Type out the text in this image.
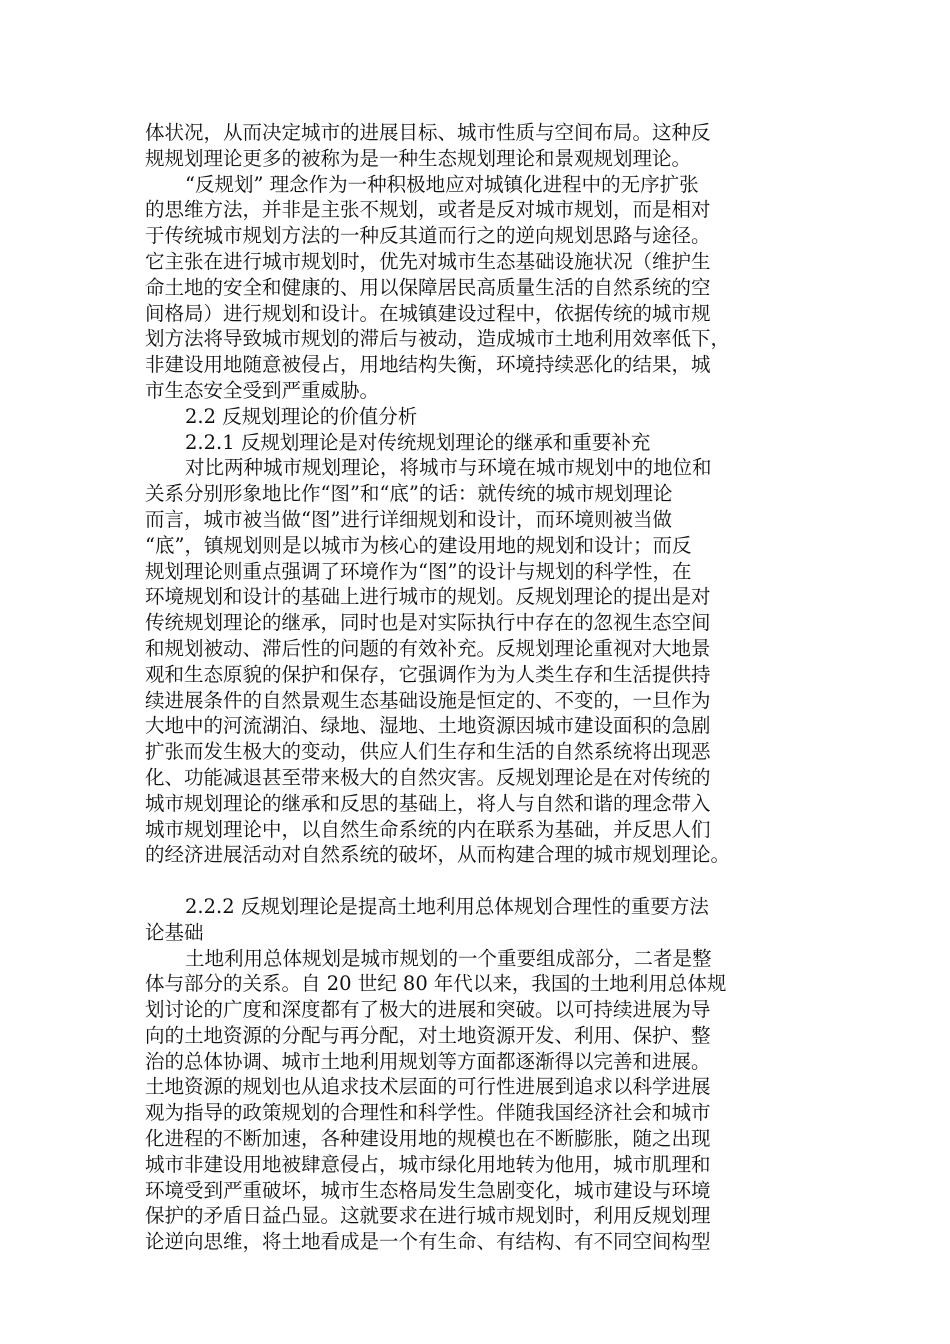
体状况，从而决定城市的进展目标、城市性质与空间布局。这种反
规规划理论更多的被称为是一种生态规划理论和景观规划理论。
“反规划” 理念作为一种积极地应对城镇化进程中的无序扩张
的思维方法，并非是主张不规划，或者是反对城市规划，而是相对
于传统城市规划方法的一种反其道而行之的逆向规划思路与途径。
它主张在进行城市规划时，优先对城市生态基础设施状况（维护生
命土地的安全和健康的、用以保障居民高质量生活的自然系统的空
间格局）进行规划和设计。在城镇建设过程中，依据传统的城市规
划方法将导致城市规划的滞后与被动，造成城市土地利用效率低下，
非建设用地随意被侵占，用地结构失衡，环境持续恶化的结果，城
市生态安全受到严重威胁。
2.2 反规划理论的价值分析
2.2.1 反规划理论是对传统规划理论的继承和重要补充
对比两种城市规划理论，将城市与环境在城市规划中的地位和
关系分别形象地比作“图”和“底”的话：就传统的城市规划理论
而言，城市被当做“图”进行详细规划和设计，而环境则被当做
“底”，镇规划则是以城市为核心的建设用地的规划和设计；而反
规划理论则重点强调了环境作为“图”的设计与规划的科学性，在
环境规划和设计的基础上进行城市的规划。反规划理论的提出是对
传统规划理论的继承，同时也是对实际执行中存在的忽视生态空间
和规划被动、滞后性的问题的有效补充。反规划理论重视对大地景
观和生态原貌的保护和保存，它强调作为为人类生存和生活提供持
续进展条件的自然景观生态基础设施是恒定的、不变的，一旦作为
大地中的河流湖泊、绿地、湿地、土地资源因城市建设面积的急剧
扩张而发生极大的变动，供应人们生存和生活的自然系统将出现恶
化、功能减退甚至带来极大的自然灾害。反规划理论是在对传统的
城市规划理论的继承和反思的基础上，将人与自然和谐的理念带入
城市规划理论中，以自然生命系统的内在联系为基础，并反思人们
的经济进展活动对自然系统的破坏，从而构建合理的城市规划理论。
2.2.2 反规划理论是提高土地利用总体规划合理性的重要方法
论基础
土地利用总体规划是城市规划的一个重要组成部分，二者是整
体与部分的关系。自 20 世纪 80 年代以来，我国的土地利用总体规
划讨论的广度和深度都有了极大的进展和突破。以可持续进展为导
向的土地资源的分配与再分配，对土地资源开发、利用、保护、整
治的总体协调、城市土地利用规划等方面都逐渐得以完善和进展。
土地资源的规划也从追求技术层面的可行性进展到追求以科学进展
观为指导的政策规划的合理性和科学性。伴随我国经济社会和城市
化进程的不断加速，各种建设用地的规模也在不断膨胀，随之出现
城市非建设用地被肆意侵占，城市绿化用地转为他用，城市肌理和
环境受到严重破坏，城市生态格局发生急剧变化，城市建设与环境
保护的矛盾日益凸显。这就要求在进行城市规划时，利用反规划理
论逆向思维，将土地看成是一个有生命、有结构、有不同空间构型
